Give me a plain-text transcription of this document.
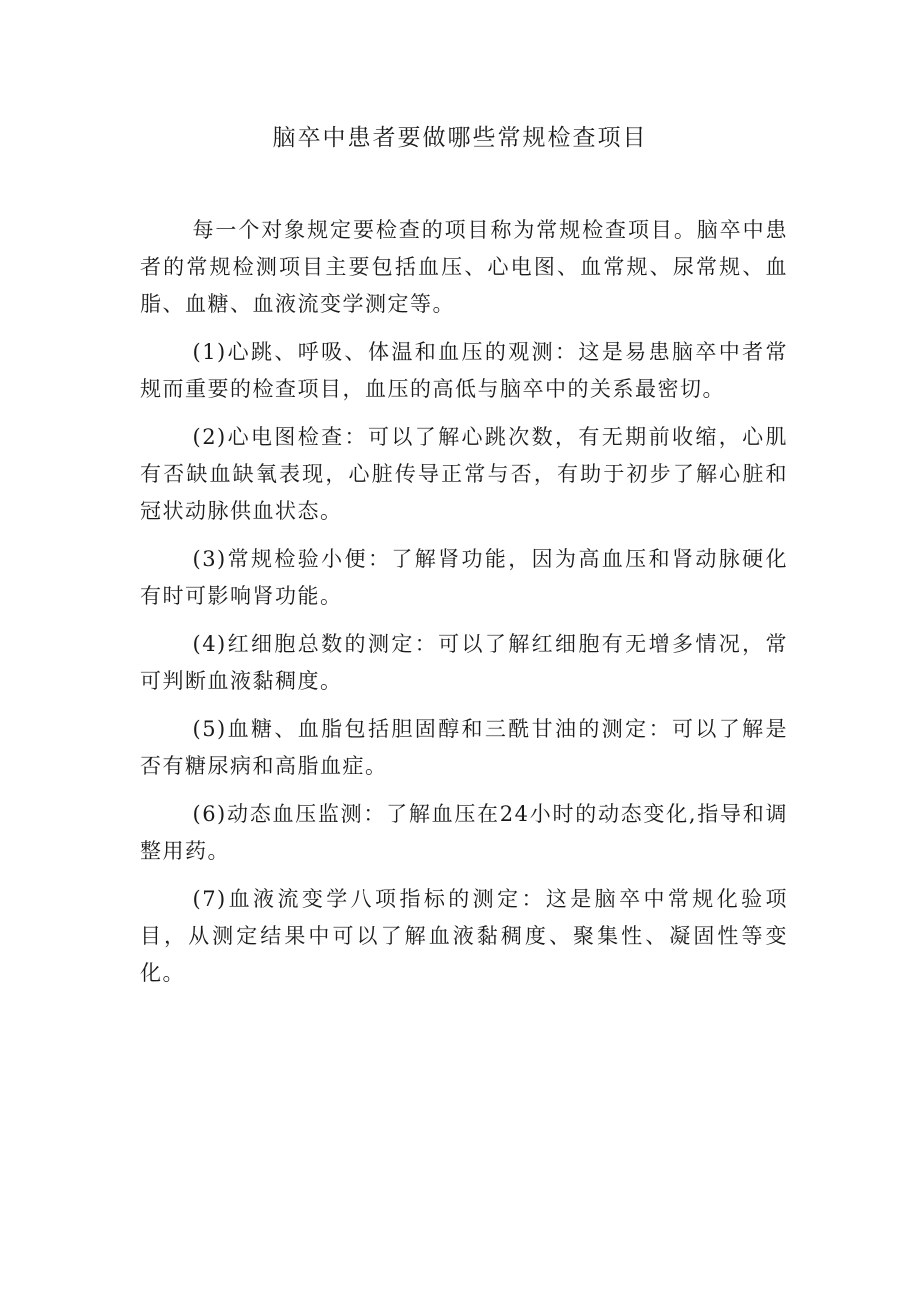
脑卒中患者要做哪些常规检查项目

每一个对象规定要检查的项目称为常规检查项目。脑卒中患者的常规检测项目主要包括血压、心电图、血常规、尿常规、血脂、血糖、血液流变学测定等。

(1)心跳、呼吸、体温和血压的观测：这是易患脑卒中者常规而重要的检查项目，血压的高低与脑卒中的关系最密切。

(2)心电图检查：可以了解心跳次数，有无期前收缩，心肌有否缺血缺氧表现，心脏传导正常与否，有助于初步了解心脏和冠状动脉供血状态。

(3)常规检验小便：了解肾功能，因为高血压和肾动脉硬化有时可影响肾功能。

(4)红细胞总数的测定：可以了解红细胞有无增多情况，常可判断血液黏稠度。

(5)血糖、血脂包括胆固醇和三酰甘油的测定：可以了解是否有糖尿病和高脂血症。

(6)动态血压监测：了解血压在24小时的动态变化,指导和调整用药。

(7)血液流变学八项指标的测定：这是脑卒中常规化验项目，从测定结果中可以了解血液黏稠度、聚集性、凝固性等变化。
